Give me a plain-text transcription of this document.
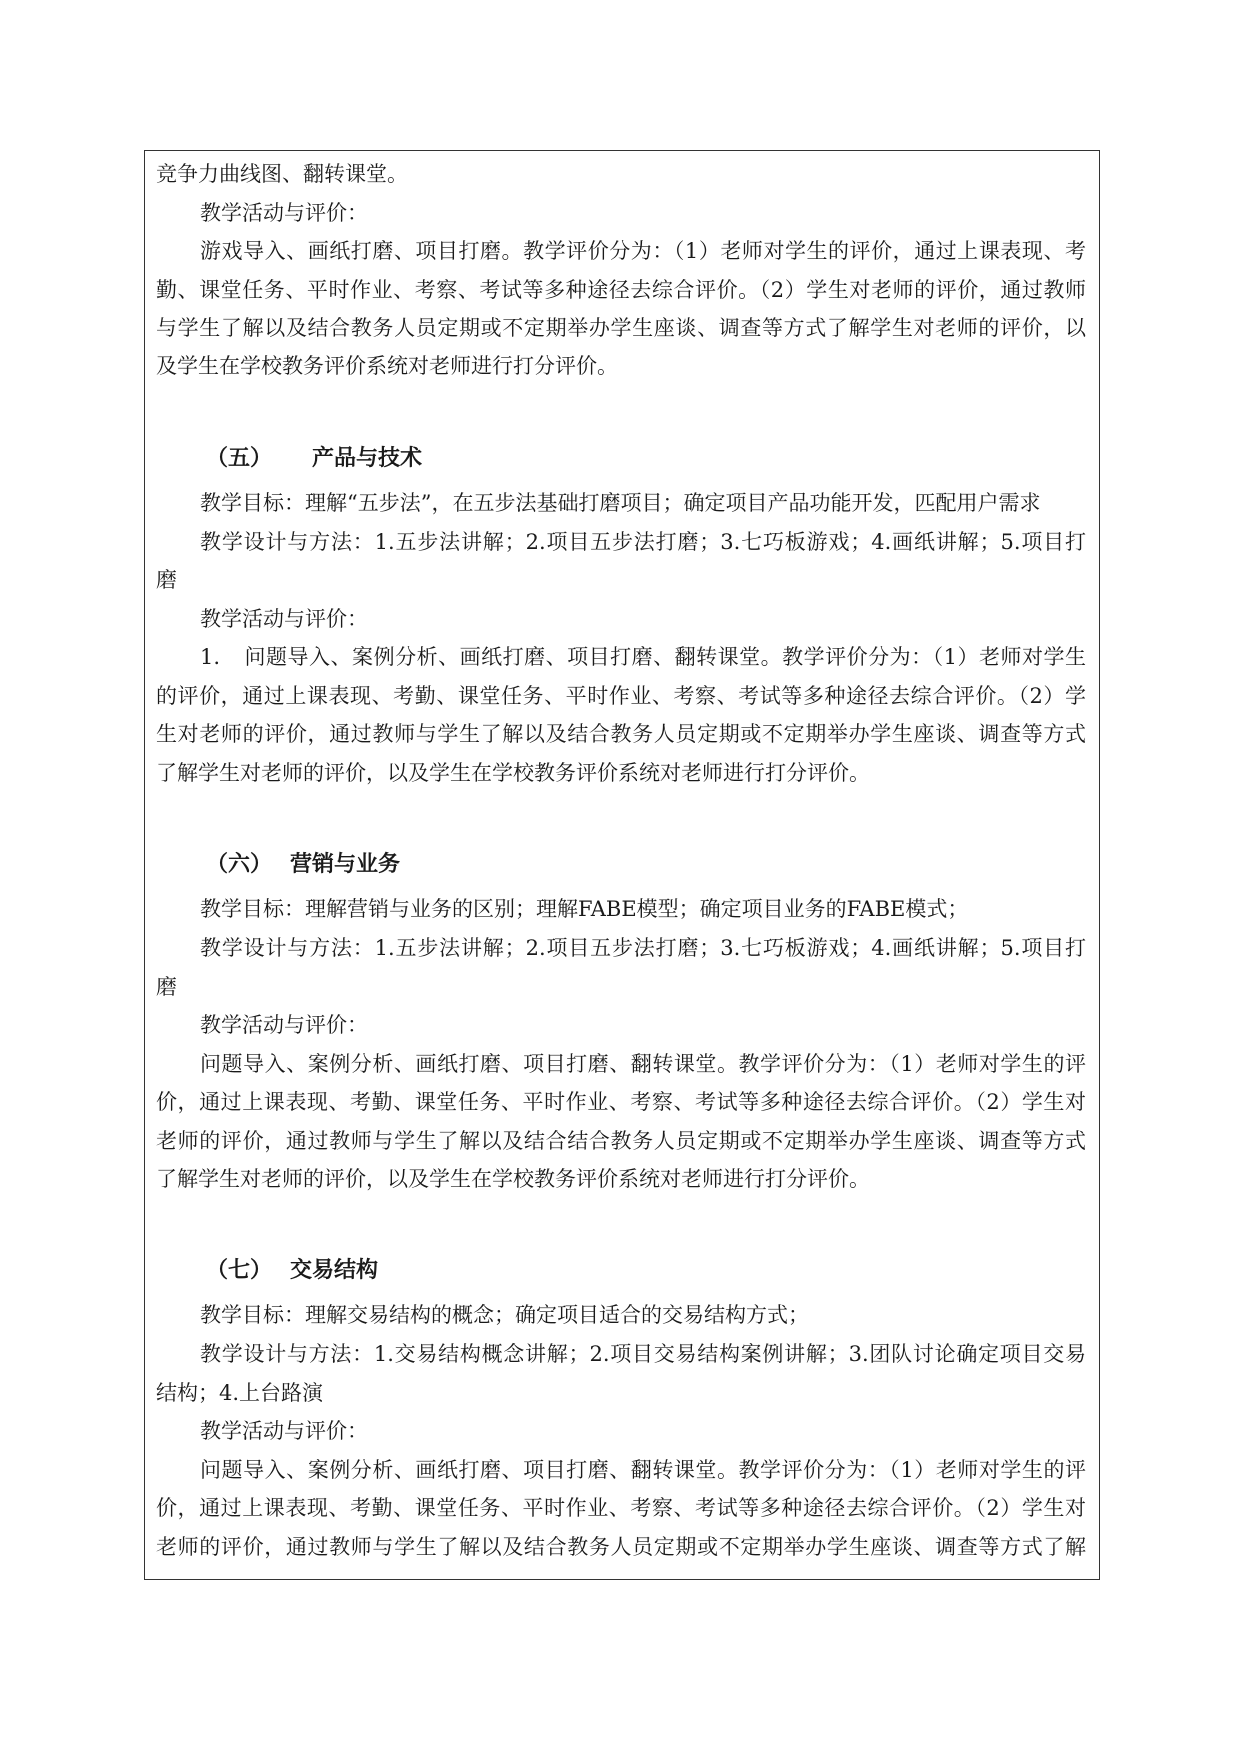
竞争力曲线图、翻转课堂。
教学活动与评价：
游戏导入、画纸打磨、项目打磨。教学评价分为：（1）老师对学生的评价，通过上课表现、考
勤、课堂任务、平时作业、考察、考试等多种途径去综合评价。（2）学生对老师的评价，通过教师
与学生了解以及结合教务人员定期或不定期举办学生座谈、调查等方式了解学生对老师的评价，以
及学生在学校教务评价系统对老师进行打分评价。
（五） 产品与技术
教学目标：理解“五步法”，在五步法基础打磨项目；确定项目产品功能开发，匹配用户需求
教学设计与方法：1.五步法讲解；2.项目五步法打磨；3.七巧板游戏；4.画纸讲解；5.项目打
磨
教学活动与评价：
1. 问题导入、案例分析、画纸打磨、项目打磨、翻转课堂。教学评价分为：（1）老师对学生
的评价，通过上课表现、考勤、课堂任务、平时作业、考察、考试等多种途径去综合评价。（2）学
生对老师的评价，通过教师与学生了解以及结合教务人员定期或不定期举办学生座谈、调查等方式
了解学生对老师的评价，以及学生在学校教务评价系统对老师进行打分评价。
（六） 营销与业务
教学目标：理解营销与业务的区别；理解FABE模型；确定项目业务的FABE模式；
教学设计与方法：1.五步法讲解；2.项目五步法打磨；3.七巧板游戏；4.画纸讲解；5.项目打
磨
教学活动与评价：
问题导入、案例分析、画纸打磨、项目打磨、翻转课堂。教学评价分为：（1）老师对学生的评
价，通过上课表现、考勤、课堂任务、平时作业、考察、考试等多种途径去综合评价。（2）学生对
老师的评价，通过教师与学生了解以及结合结合教务人员定期或不定期举办学生座谈、调查等方式
了解学生对老师的评价，以及学生在学校教务评价系统对老师进行打分评价。
（七） 交易结构
教学目标：理解交易结构的概念；确定项目适合的交易结构方式；
教学设计与方法：1.交易结构概念讲解；2.项目交易结构案例讲解；3.团队讨论确定项目交易
结构；4.上台路演
教学活动与评价：
问题导入、案例分析、画纸打磨、项目打磨、翻转课堂。教学评价分为：（1）老师对学生的评
价，通过上课表现、考勤、课堂任务、平时作业、考察、考试等多种途径去综合评价。（2）学生对
老师的评价，通过教师与学生了解以及结合教务人员定期或不定期举办学生座谈、调查等方式了解
